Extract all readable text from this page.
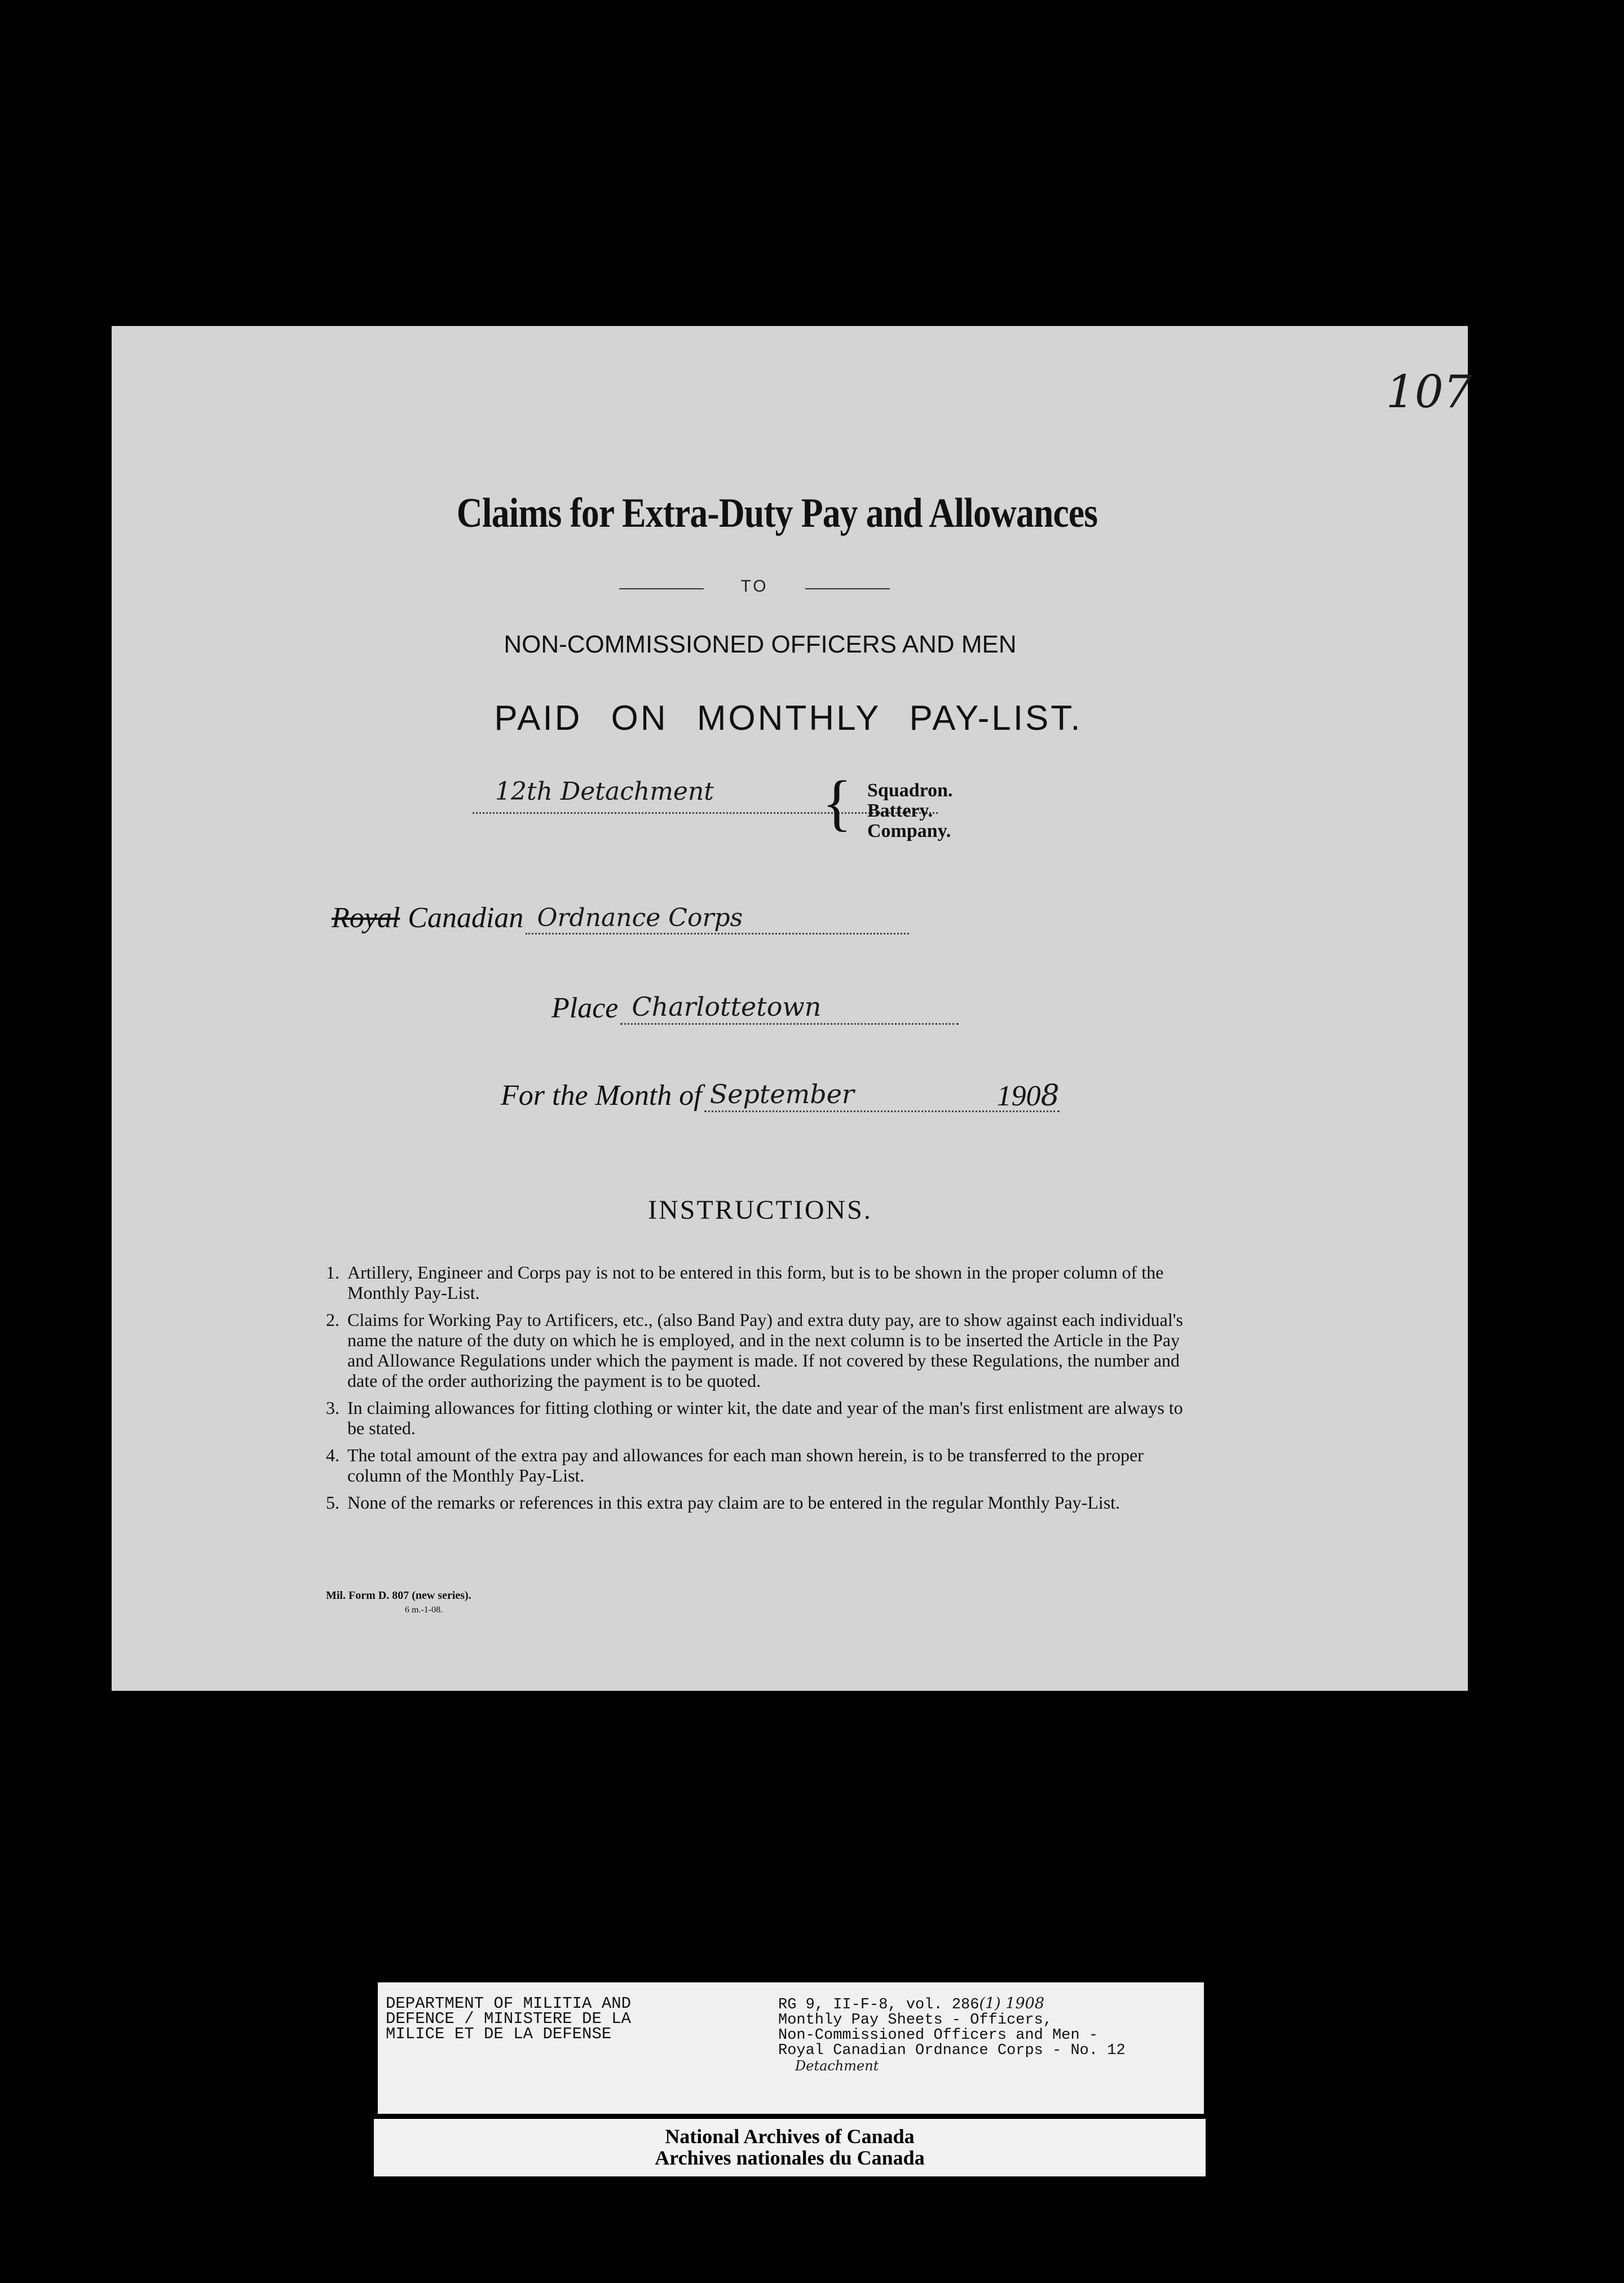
107
Claims for Extra-Duty Pay and Allowances
TO
NON-COMMISSIONED OFFICERS AND MEN
PAID ON MONTHLY PAY-LIST.
12th Detachment { Squadron.
Battery.
Company.
Royal Canadian Ordnance Corps
Place Charlottetown
For the Month of September	1908
INSTRUCTIONS.
1. Artillery, Engineer and Corps pay is not to be entered in this form, but is to be shown in the proper column of the Monthly Pay-List.
2. Claims for Working Pay to Artificers, etc., (also Band Pay) and extra duty pay, are to show against each individual's name the nature of the duty on which he is employed, and in the next column is to be inserted the Article in the Pay and Allowance Regulations under which the payment is made. If not covered by these Regulations, the number and date of the order authorizing the payment is to be quoted.
3. In claiming allowances for fitting clothing or winter kit, the date and year of the man's first enlistment are always to be stated.
4. The total amount of the extra pay and allowances for each man shown herein, is to be transferred to the proper column of the Monthly Pay-List.
5. None of the remarks or references in this extra pay claim are to be entered in the regular Monthly Pay-List.
Mil. Form D. 807 (new series).
6 m.-1-08.
DEPARTMENT OF MILITIA AND
DEFENCE / MINISTERE DE LA
MILICE ET DE LA DEFENSE
RG 9, II-F-8, vol. 286(1) 1908
Monthly Pay Sheets - Officers,
Non-Commissioned Officers and Men -
Royal Canadian Ordnance Corps - No. 12
Detachment
National Archives of Canada
Archives nationales du Canada
